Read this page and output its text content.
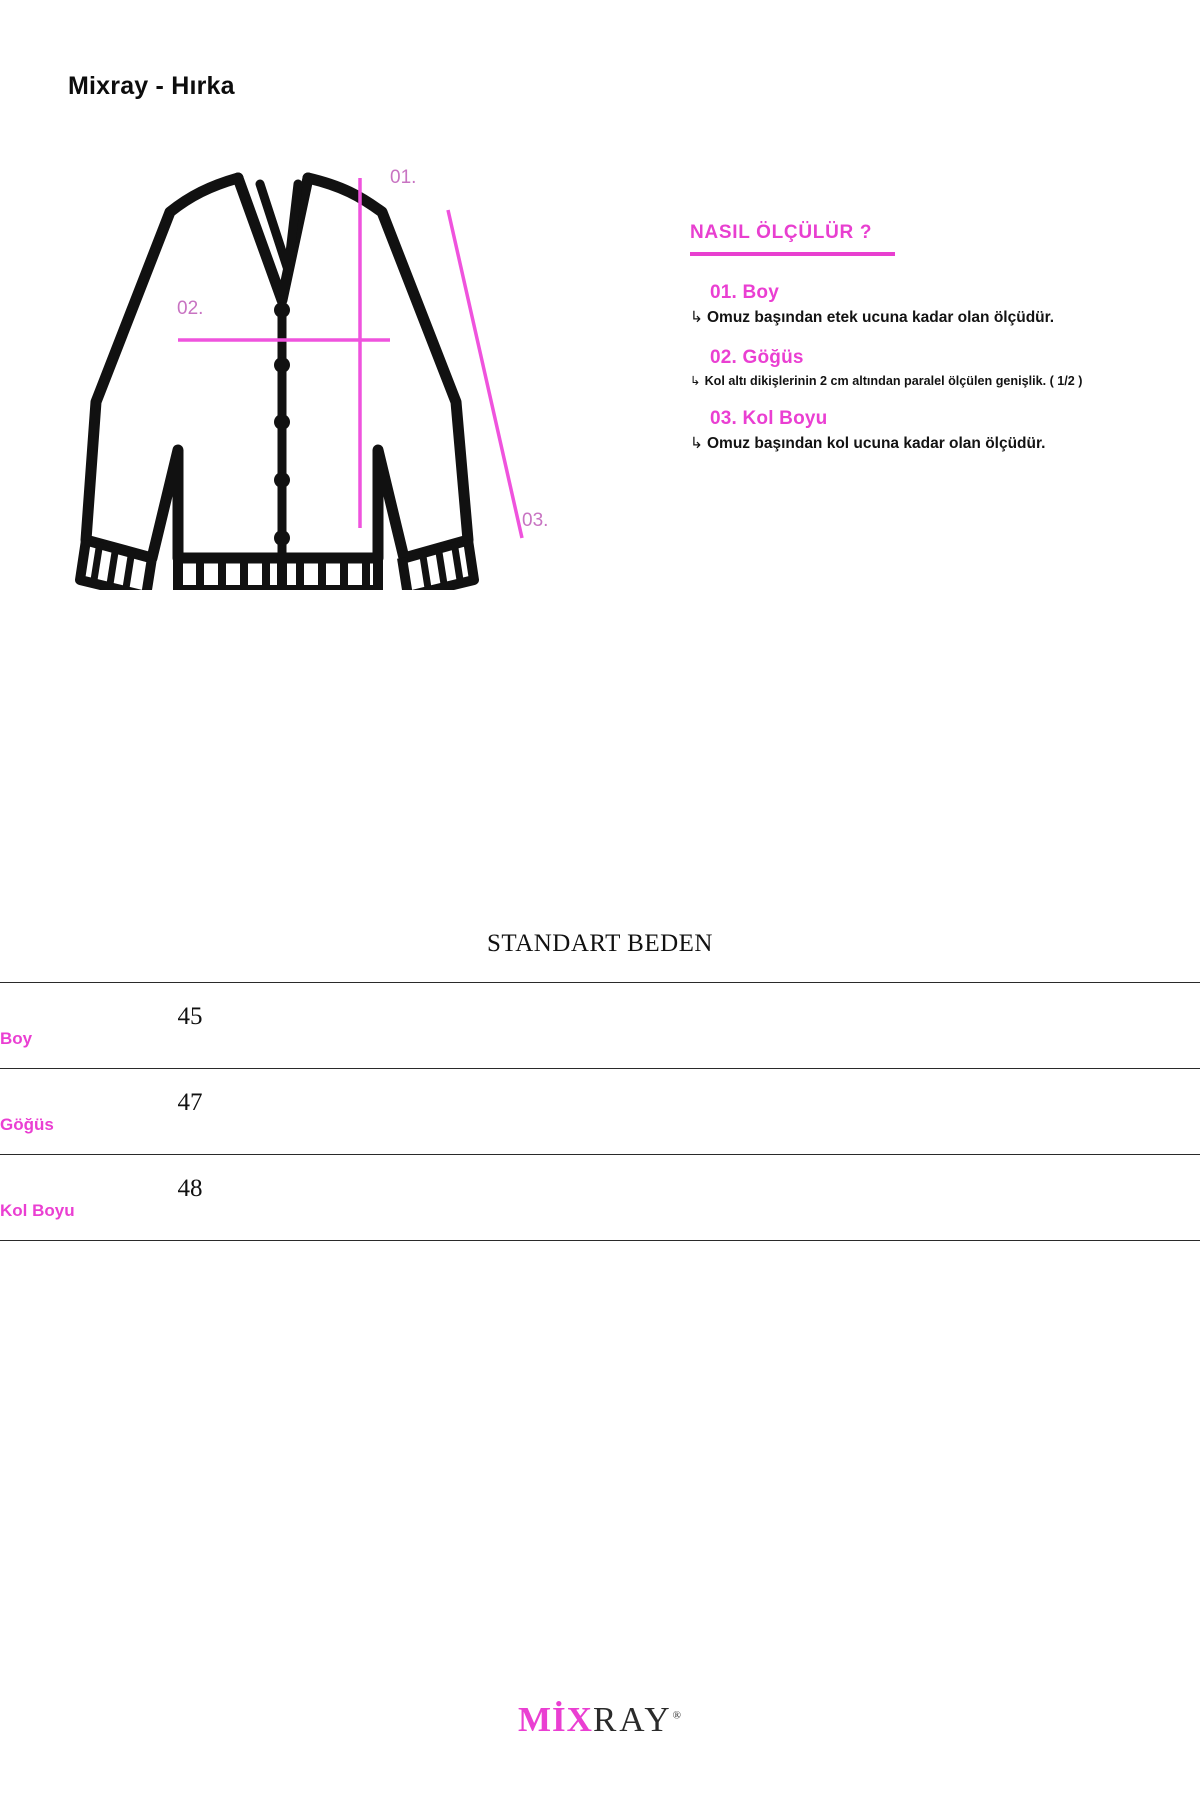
Mixray - Hırka
01.
02.
03.
NASIL ÖLÇÜLÜR ?
01. Boy
↳ Omuz başından etek ucuna kadar olan ölçüdür.
02. Göğüs
↳ Kol altı dikişlerinin 2 cm altından paralel ölçülen genişlik. ( 1/2 )
03. Kol Boyu
↳ Omuz başından kol ucuna kadar olan ölçüdür.
STANDART BEDEN
Boy
45
Göğüs
47
Kol Boyu
48
MİXRAY®
